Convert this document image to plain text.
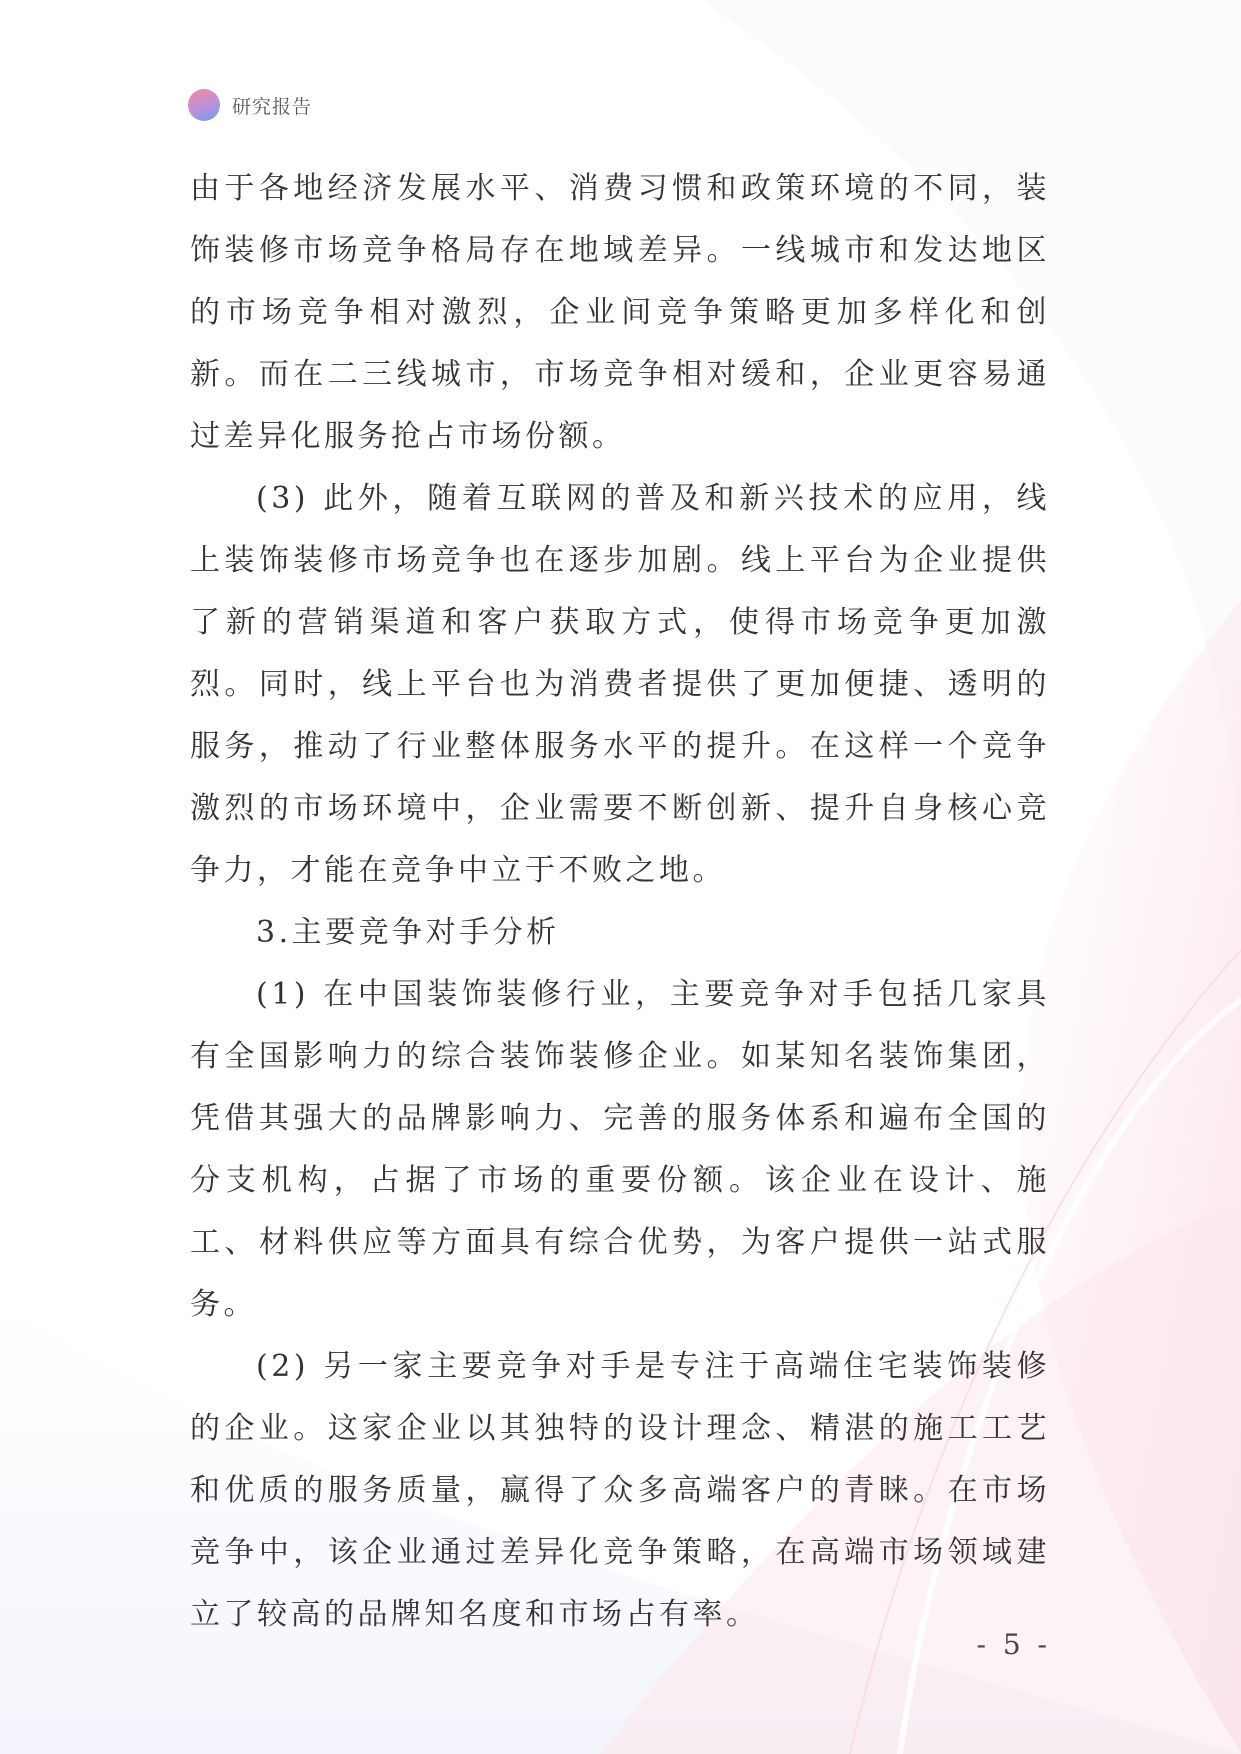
研究报告

由于各地经济发展水平、消费习惯和政策环境的不同，装饰装修市场竞争格局存在地域差异。一线城市和发达地区的市场竞争相对激烈，企业间竞争策略更加多样化和创新。而在二三线城市，市场竞争相对缓和，企业更容易通过差异化服务抢占市场份额。

(3) 此外，随着互联网的普及和新兴技术的应用，线上装饰装修市场竞争也在逐步加剧。线上平台为企业提供了新的营销渠道和客户获取方式，使得市场竞争更加激烈。同时，线上平台也为消费者提供了更加便捷、透明的服务，推动了行业整体服务水平的提升。在这样一个竞争激烈的市场环境中，企业需要不断创新、提升自身核心竞争力，才能在竞争中立于不败之地。

3.主要竞争对手分析

(1) 在中国装饰装修行业，主要竞争对手包括几家具有全国影响力的综合装饰装修企业。如某知名装饰集团，凭借其强大的品牌影响力、完善的服务体系和遍布全国的分支机构，占据了市场的重要份额。该企业在设计、施工、材料供应等方面具有综合优势，为客户提供一站式服务。

(2) 另一家主要竞争对手是专注于高端住宅装饰装修的企业。这家企业以其独特的设计理念、精湛的施工工艺和优质的服务质量，赢得了众多高端客户的青睐。在市场竞争中，该企业通过差异化竞争策略，在高端市场领域建立了较高的品牌知名度和市场占有率。

- 5 -
